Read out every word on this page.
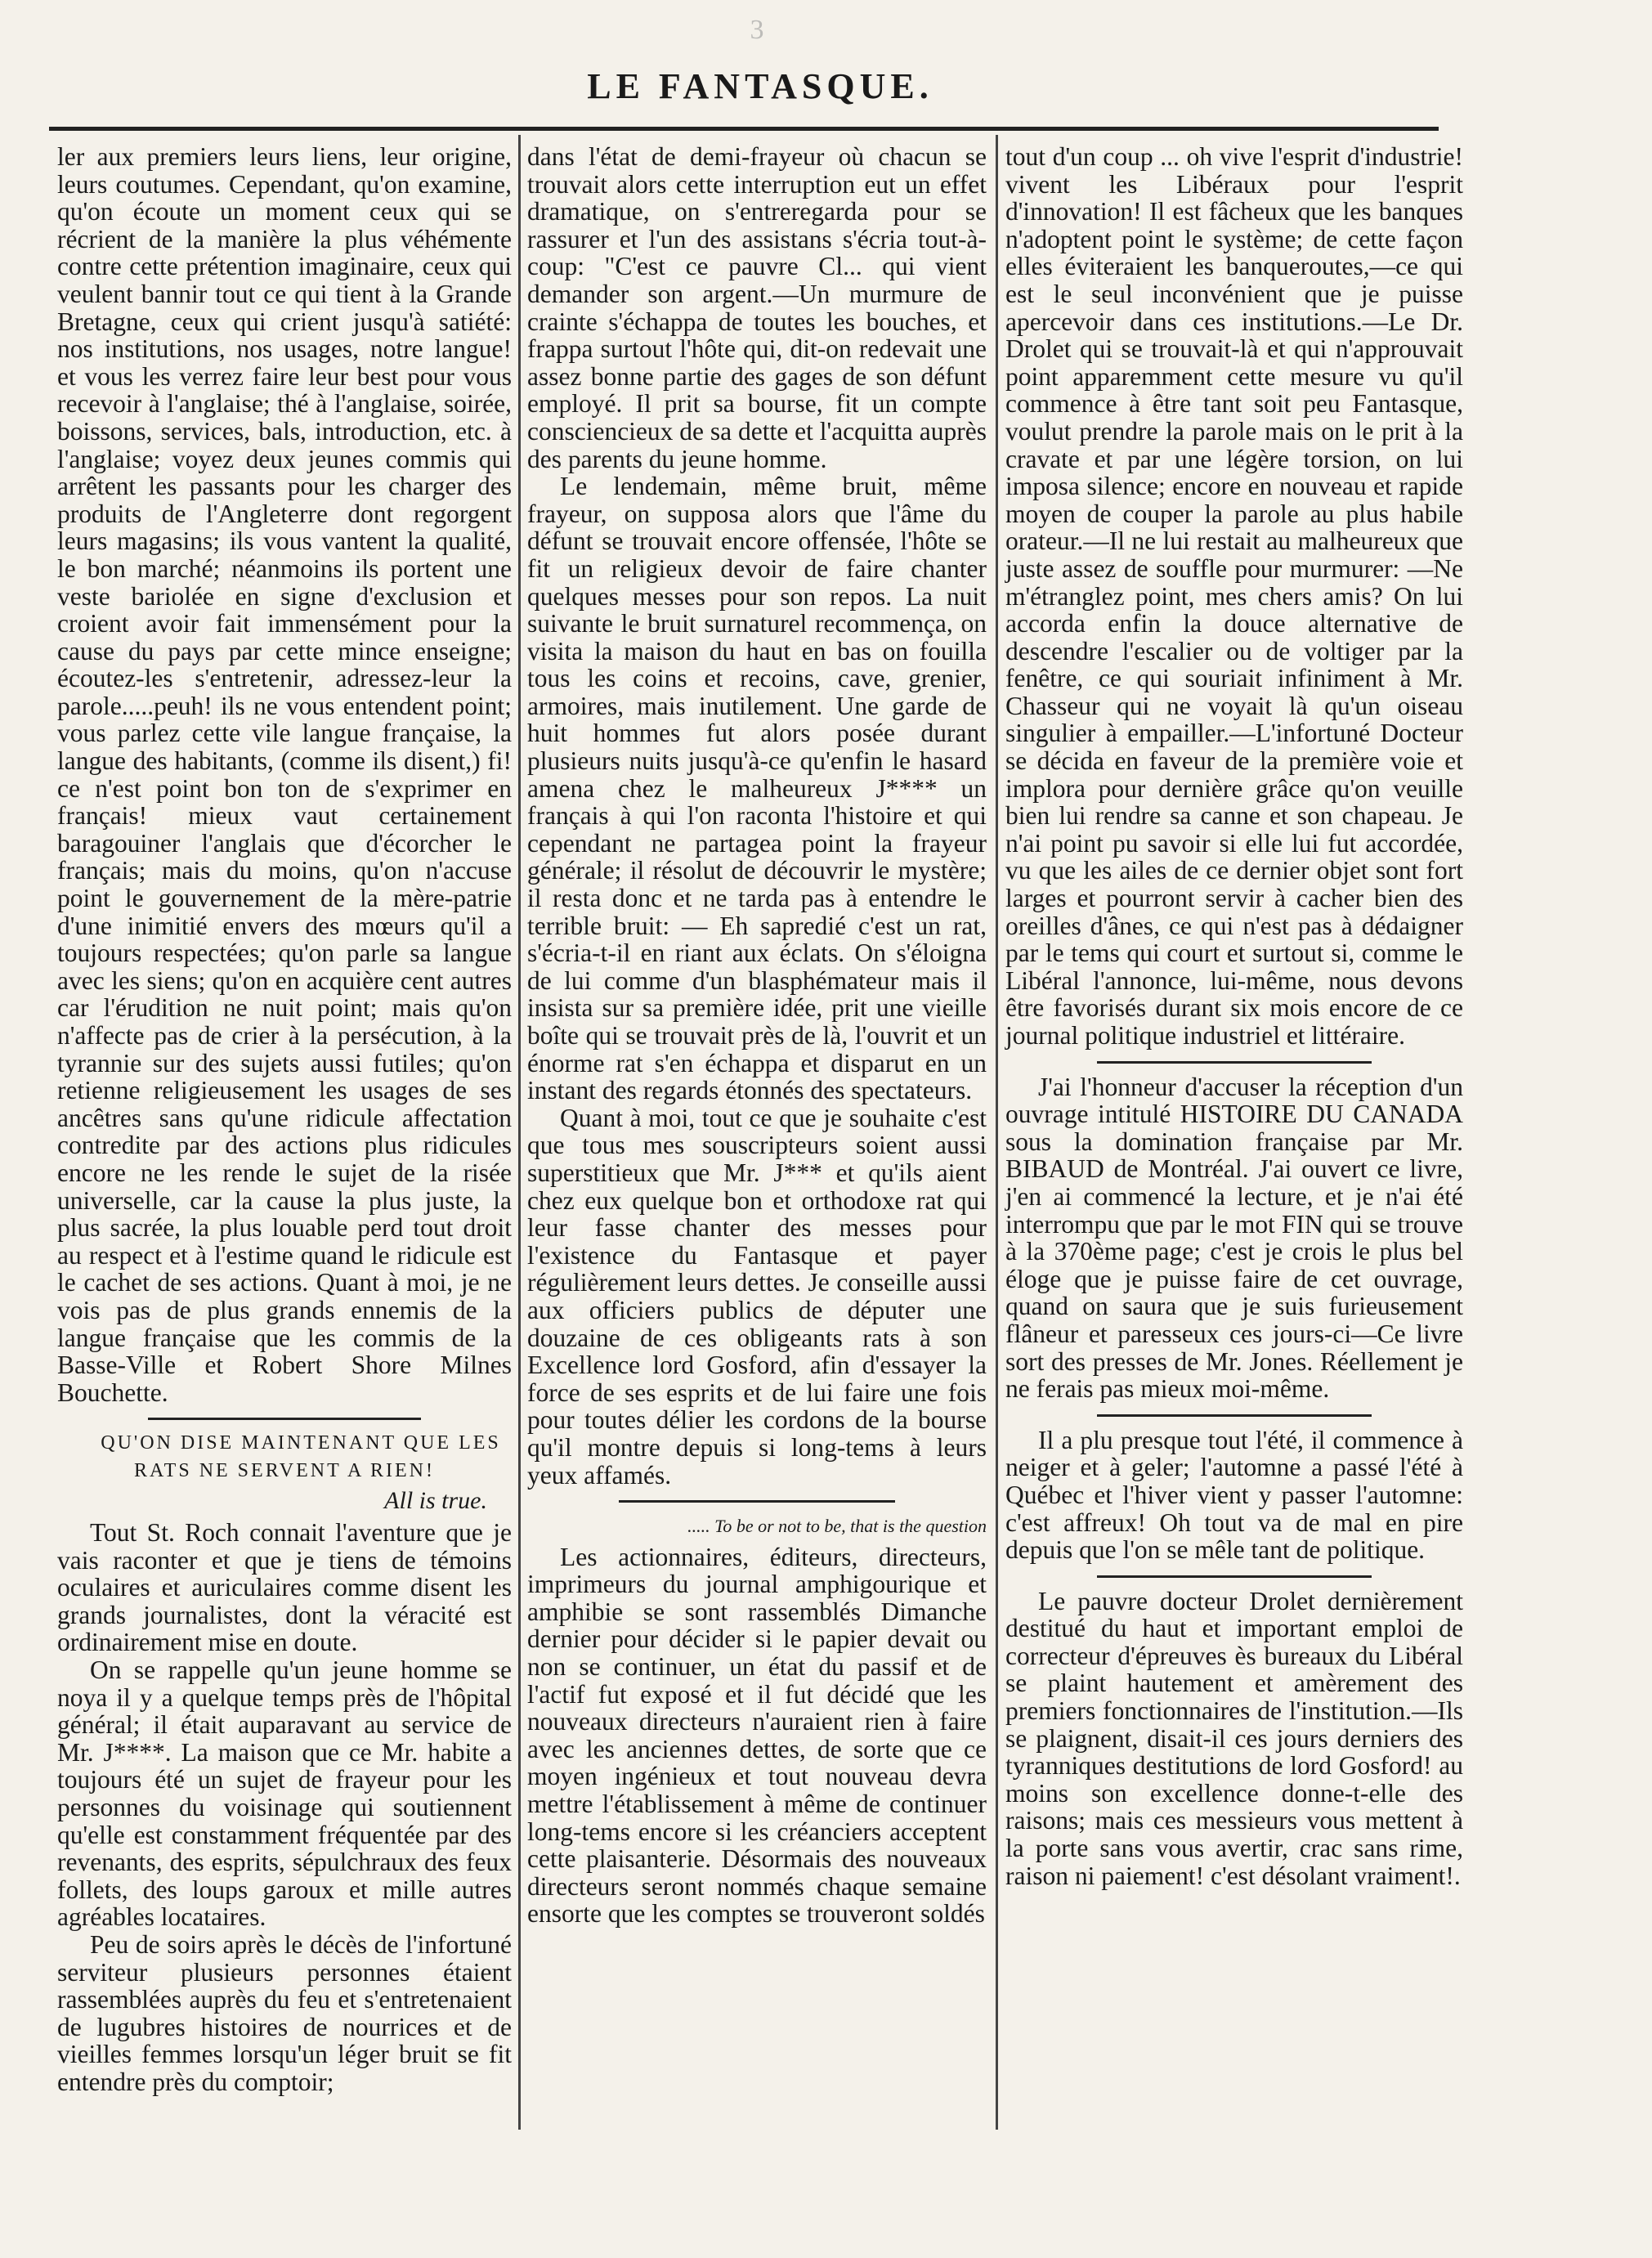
3
LE FANTASQUE.

ler aux premiers leurs liens, leur origine, leurs coutumes. Cependant, qu'on examine, qu'on écoute un moment ceux qui se récrient de la manière la plus véhémente contre cette prétention imaginaire, ceux qui veulent bannir tout ce qui tient à la Grande Bretagne, ceux qui crient jusqu'à satiété: nos institutions, nos usages, notre langue! et vous les verrez faire leur best pour vous recevoir à l'anglaise; thé à l'anglaise, soirée, boissons, services, bals, introduction, etc. à l'anglaise; voyez deux jeunes commis qui arrêtent les passants pour les charger des produits de l'Angleterre dont regorgent leurs magasins; ils vous vantent la qualité, le bon marché; néanmoins ils portent une veste bariolée en signe d'exclusion et croient avoir fait immensément pour la cause du pays par cette mince enseigne; écoutez-les s'entretenir, adressez-leur la parole.....peuh! ils ne vous entendent point; vous parlez cette vile langue française, la langue des habitants, (comme ils disent,) fi! ce n'est point bon ton de s'exprimer en français! mieux vaut certainement baragouiner l'anglais que d'écorcher le français; mais du moins, qu'on n'accuse point le gouvernement de la mère-patrie d'une inimitié envers des mœurs qu'il a toujours respectées; qu'on parle sa langue avec les siens; qu'on en acquière cent autres car l'érudition ne nuit point; mais qu'on n'affecte pas de crier à la persécution, à la tyrannie sur des sujets aussi futiles; qu'on retienne religieusement les usages de ses ancêtres sans qu'une ridicule affectation contredite par des actions plus ridicules encore ne les rende le sujet de la risée universelle, car la cause la plus juste, la plus sacrée, la plus louable perd tout droit au respect et à l'estime quand le ridicule est le cachet de ses actions. Quant à moi, je ne vois pas de plus grands ennemis de la langue française que les commis de la Basse-Ville et Robert Shore Milnes Bouchette.

QU'ON DISE MAINTENANT QUE LES RATS NE SERVENT A RIEN!

All is true.

Tout St. Roch connait l'aventure que je vais raconter et que je tiens de témoins oculaires et auriculaires comme disent les grands journalistes, dont la véracité est ordinairement mise en doute.

On se rappelle qu'un jeune homme se noya il y a quelque temps près de l'hôpital général; il était auparavant au service de Mr. J****. La maison que ce Mr. habite a toujours été un sujet de frayeur pour les personnes du voisinage qui soutiennent qu'elle est constamment fréquentée par des revenants, des esprits, sépulchraux des feux follets, des loups garoux et mille autres agréables locataires.

Peu de soirs après le décès de l'infortuné serviteur plusieurs personnes étaient rassemblées auprès du feu et s'entretenaient de lugubres histoires de nourrices et de vieilles femmes lorsqu'un léger bruit se fit entendre près du comptoir;

dans l'état de demi-frayeur où chacun se trouvait alors cette interruption eut un effet dramatique, on s'entreregarda pour se rassurer et l'un des assistans s'écria tout-à-coup: "C'est ce pauvre Cl... qui vient demander son argent.—Un murmure de crainte s'échappa de toutes les bouches, et frappa surtout l'hôte qui, dit-on redevait une assez bonne partie des gages de son défunt employé. Il prit sa bourse, fit un compte consciencieux de sa dette et l'acquitta auprès des parents du jeune homme.

Le lendemain, même bruit, même frayeur, on supposa alors que l'âme du défunt se trouvait encore offensée, l'hôte se fit un religieux devoir de faire chanter quelques messes pour son repos. La nuit suivante le bruit surnaturel recommença, on visita la maison du haut en bas on fouilla tous les coins et recoins, cave, grenier, armoires, mais inutilement. Une garde de huit hommes fut alors posée durant plusieurs nuits jusqu'à-ce qu'enfin le hasard amena chez le malheureux J**** un français à qui l'on raconta l'histoire et qui cependant ne partagea point la frayeur générale; il résolut de découvrir le mystère; il resta donc et ne tarda pas à entendre le terrible bruit: — Eh sapredié c'est un rat, s'écria-t-il en riant aux éclats. On s'éloigna de lui comme d'un blasphémateur mais il insista sur sa première idée, prit une vieille boîte qui se trouvait près de là, l'ouvrit et un énorme rat s'en échappa et disparut en un instant des regards étonnés des spectateurs.

Quant à moi, tout ce que je souhaite c'est que tous mes souscripteurs soient aussi superstitieux que Mr. J*** et qu'ils aient chez eux quelque bon et orthodoxe rat qui leur fasse chanter des messes pour l'existence du Fantasque et payer régulièrement leurs dettes. Je conseille aussi aux officiers publics de députer une douzaine de ces obligeants rats à son Excellence lord Gosford, afin d'essayer la force de ses esprits et de lui faire une fois pour toutes délier les cordons de la bourse qu'il montre depuis si long-tems à leurs yeux affamés.

..... To be or not to be, that is the question

Les actionnaires, éditeurs, directeurs, imprimeurs du journal amphigourique et amphibie se sont rassemblés Dimanche dernier pour décider si le papier devait ou non se continuer, un état du passif et de l'actif fut exposé et il fut décidé que les nouveaux directeurs n'auraient rien à faire avec les anciennes dettes, de sorte que ce moyen ingénieux et tout nouveau devra mettre l'établissement à même de continuer long-tems encore si les créanciers acceptent cette plaisanterie. Désormais des nouveaux directeurs seront nommés chaque semaine ensorte que les comptes se trouveront soldés

tout d'un coup ... oh vive l'esprit d'industrie! vivent les Libéraux pour l'esprit d'innovation! Il est fâcheux que les banques n'adoptent point le système; de cette façon elles éviteraient les banqueroutes,—ce qui est le seul inconvénient que je puisse apercevoir dans ces institutions.—Le Dr. Drolet qui se trouvait-là et qui n'approuvait point apparemment cette mesure vu qu'il commence à être tant soit peu Fantasque, voulut prendre la parole mais on le prit à la cravate et par une légère torsion, on lui imposa silence; encore en nouveau et rapide moyen de couper la parole au plus habile orateur.—Il ne lui restait au malheureux que juste assez de souffle pour murmurer: —Ne m'étranglez point, mes chers amis? On lui accorda enfin la douce alternative de descendre l'escalier ou de voltiger par la fenêtre, ce qui souriait infiniment à Mr. Chasseur qui ne voyait là qu'un oiseau singulier à empailler.—L'infortuné Docteur se décida en faveur de la première voie et implora pour dernière grâce qu'on veuille bien lui rendre sa canne et son chapeau. Je n'ai point pu savoir si elle lui fut accordée, vu que les ailes de ce dernier objet sont fort larges et pourront servir à cacher bien des oreilles d'ânes, ce qui n'est pas à dédaigner par le tems qui court et surtout si, comme le Libéral l'annonce, lui-même, nous devons être favorisés durant six mois encore de ce journal politique industriel et littéraire.

J'ai l'honneur d'accuser la réception d'un ouvrage intitulé HISTOIRE DU CANADA sous la domination française par Mr. BIBAUD de Montréal. J'ai ouvert ce livre, j'en ai commencé la lecture, et je n'ai été interrompu que par le mot FIN qui se trouve à la 370ème page; c'est je crois le plus bel éloge que je puisse faire de cet ouvrage, quand on saura que je suis furieusement flâneur et paresseux ces jours-ci—Ce livre sort des presses de Mr. Jones. Réellement je ne ferais pas mieux moi-même.

Il a plu presque tout l'été, il commence à neiger et à geler; l'automne a passé l'été à Québec et l'hiver vient y passer l'automne: c'est affreux! Oh tout va de mal en pire depuis que l'on se mêle tant de politique.

Le pauvre docteur Drolet dernièrement destitué du haut et important emploi de correcteur d'épreuves ès bureaux du Libéral se plaint hautement et amèrement des premiers fonctionnaires de l'institution.—Ils se plaignent, disait-il ces jours derniers des tyranniques destitutions de lord Gosford! au moins son excellence donne-t-elle des raisons; mais ces messieurs vous mettent à la porte sans vous avertir, crac sans rime, raison ni paiement! c'est désolant vraiment!.
